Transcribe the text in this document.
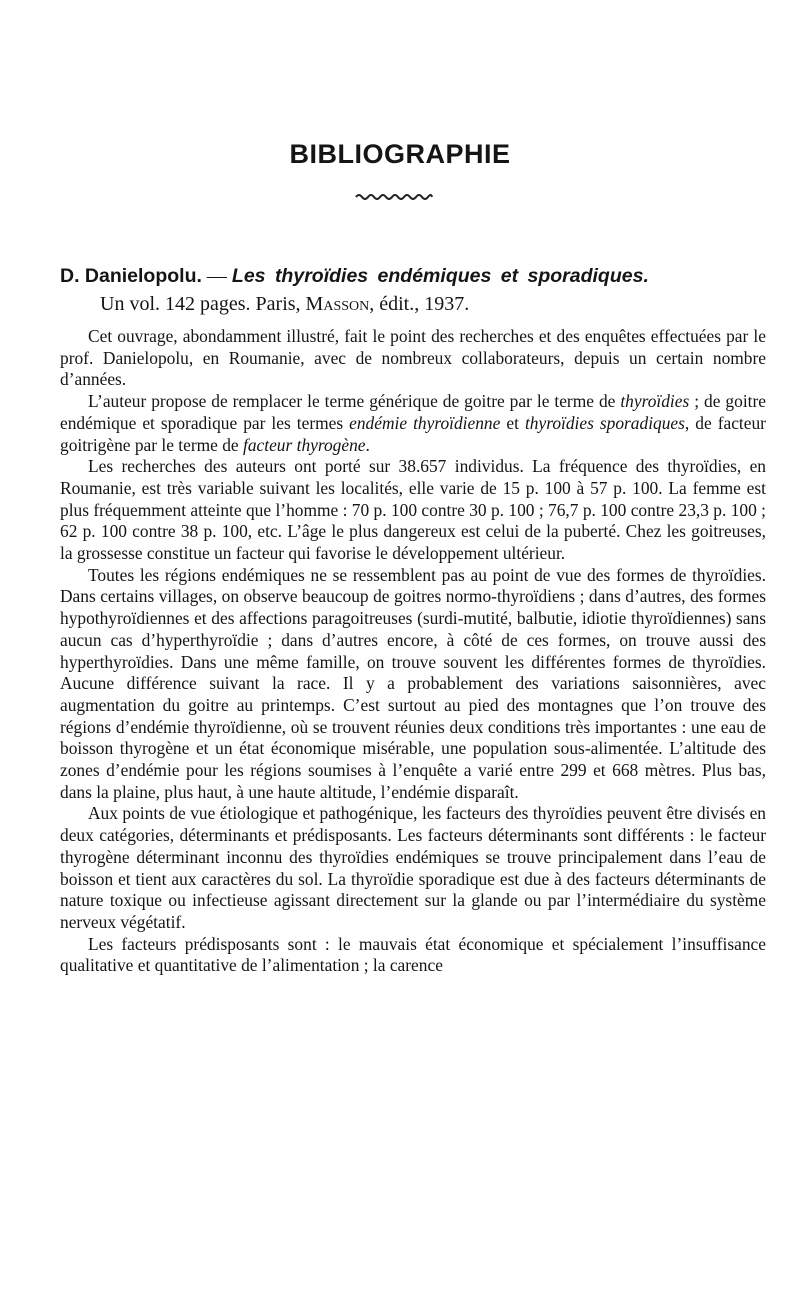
BIBLIOGRAPHIE
D. Danielopolu. — Les thyroïdies endémiques et sporadiques.
Un vol. 142 pages. Paris, Masson, édit., 1937.

Cet ouvrage, abondamment illustré, fait le point des recherches et des enquêtes effectuées par le prof. Danielopolu, en Roumanie, avec de nombreux collaborateurs, depuis un certain nombre d’années.

L’auteur propose de remplacer le terme générique de goitre par le terme de thyroïdies ; de goitre endémique et sporadique par les termes endémie thyroïdienne et thyroïdies sporadiques, de facteur goitrigène par le terme de facteur thyrogène.

Les recherches des auteurs ont porté sur 38.657 individus. La fréquence des thyroïdies, en Roumanie, est très variable suivant les localités, elle varie de 15 p. 100 à 57 p. 100. La femme est plus fréquemment atteinte que l’homme : 70 p. 100 contre 30 p. 100 ; 76,7 p. 100 contre 23,3 p. 100 ; 62 p. 100 contre 38 p. 100, etc. L’âge le plus dangereux est celui de la puberté. Chez les goitreuses, la grossesse constitue un facteur qui favorise le développement ultérieur.

Toutes les régions endémiques ne se ressemblent pas au point de vue des formes de thyroïdies. Dans certains villages, on observe beaucoup de goitres normo-thyroïdiens ; dans d’autres, des formes hypothyroïdiennes et des affections paragoitreuses (surdi-mutité, balbutie, idiotie thyroïdiennes) sans aucun cas d’hyperthyroïdie ; dans d’autres encore, à côté de ces formes, on trouve aussi des hyperthyroïdies. Dans une même famille, on trouve souvent les différentes formes de thyroïdies. Aucune différence suivant la race. Il y a probablement des variations saisonnières, avec augmentation du goitre au printemps. C’est surtout au pied des montagnes que l’on trouve des régions d’endémie thyroïdienne, où se trouvent réunies deux conditions très importantes : une eau de boisson thyrogène et un état économique misérable, une population sous-alimentée. L’altitude des zones d’endémie pour les régions soumises à l’enquête a varié entre 299 et 668 mètres. Plus bas, dans la plaine, plus haut, à une haute altitude, l’endémie disparaît.

Aux points de vue étiologique et pathogénique, les facteurs des thyroïdies peuvent être divisés en deux catégories, déterminants et prédisposants. Les facteurs déterminants sont différents : le facteur thyrogène déterminant inconnu des thyroïdies endémiques se trouve principalement dans l’eau de boisson et tient aux caractères du sol. La thyroïdie sporadique est due à des facteurs déterminants de nature toxique ou infectieuse agissant directement sur la glande ou par l’intermédiaire du système nerveux végétatif.

Les facteurs prédisposants sont : le mauvais état économique et spécialement l’insuffisance qualitative et quantitative de l’alimentation ; la carence
